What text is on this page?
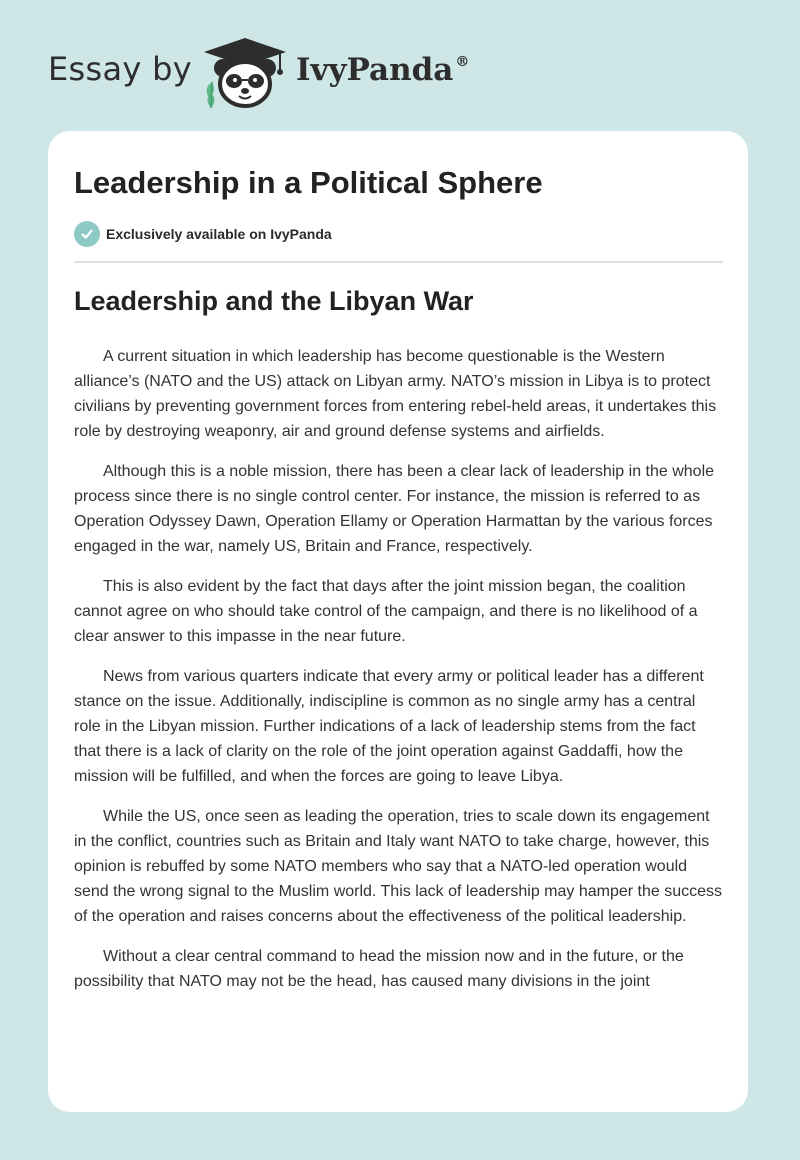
Essay by	IvyPanda ®
Leadership in a Political Sphere
Exclusively available on IvyPanda
Leadership and the Libyan War

A current situation in which leadership has become questionable is the Western alliance’s (NATO and the US) attack on Libyan army. NATO’s mission in Libya is to protect civilians by preventing government forces from entering rebel-held areas, it undertakes this role by destroying weaponry, air and ground defense systems and airfields.

Although this is a noble mission, there has been a clear lack of leadership in the whole process since there is no single control center. For instance, the mission is referred to as Operation Odyssey Dawn, Operation Ellamy or Operation Harmattan by the various forces engaged in the war, namely US, Britain and France, respectively.

This is also evident by the fact that days after the joint mission began, the coalition cannot agree on who should take control of the campaign, and there is no likelihood of a clear answer to this impasse in the near future.

News from various quarters indicate that every army or political leader has a different stance on the issue. Additionally, indiscipline is common as no single army has a central role in the Libyan mission. Further indications of a lack of leadership stems from the fact that there is a lack of clarity on the role of the joint operation against Gaddaffi, how the mission will be fulfilled, and when the forces are going to leave Libya.

While the US, once seen as leading the operation, tries to scale down its engagement in the conflict, countries such as Britain and Italy want NATO to take charge, however, this opinion is rebuffed by some NATO members who say that a NATO-led operation would send the wrong signal to the Muslim world. This lack of leadership may hamper the success of the operation and raises concerns about the effectiveness of the political leadership.

Without a clear central command to head the mission now and in the future, or the possibility that NATO may not be the head, has caused many divisions in the joint
